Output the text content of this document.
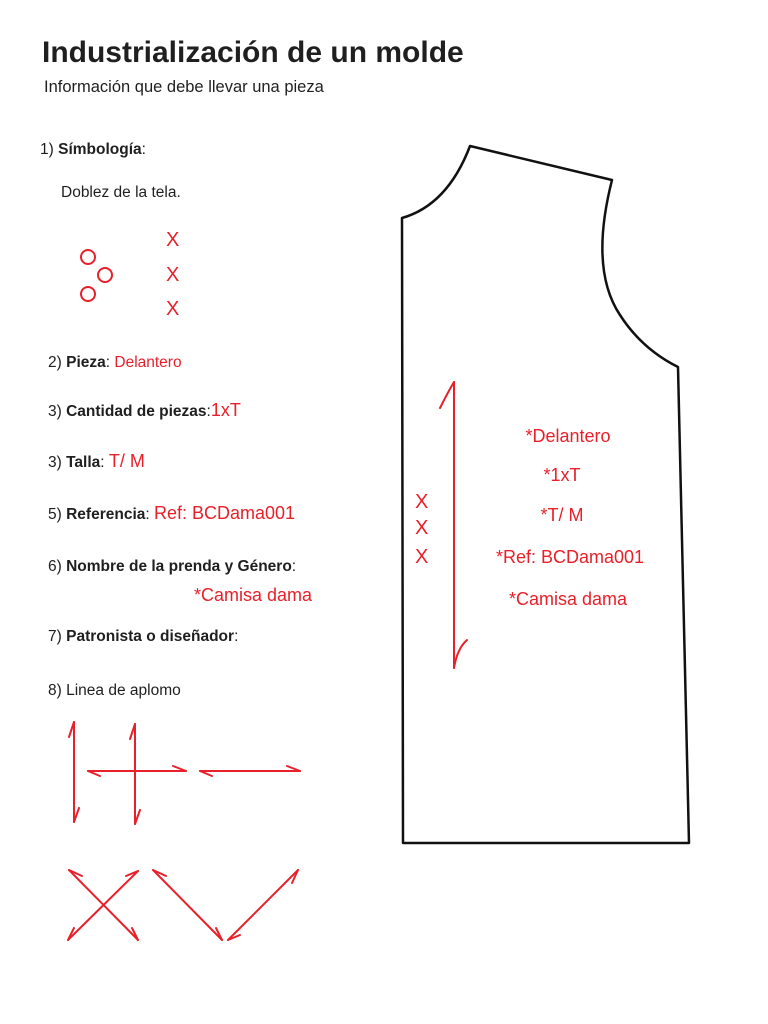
Industrialización de un molde
Información que debe llevar una pieza
1) Símbología:
Doblez de la tela.
X
X
X
2) Pieza: Delantero
3) Cantidad de piezas:1xT
3) Talla: T/ M
5) Referencia: Ref: BCDama001
6) Nombre de la prenda y Género:
*Camisa dama
7) Patronista o diseñador:
8) Linea de aplomo
X
X
X
*Delantero
*1xT
*T/ M
*Ref: BCDama001
*Camisa dama
